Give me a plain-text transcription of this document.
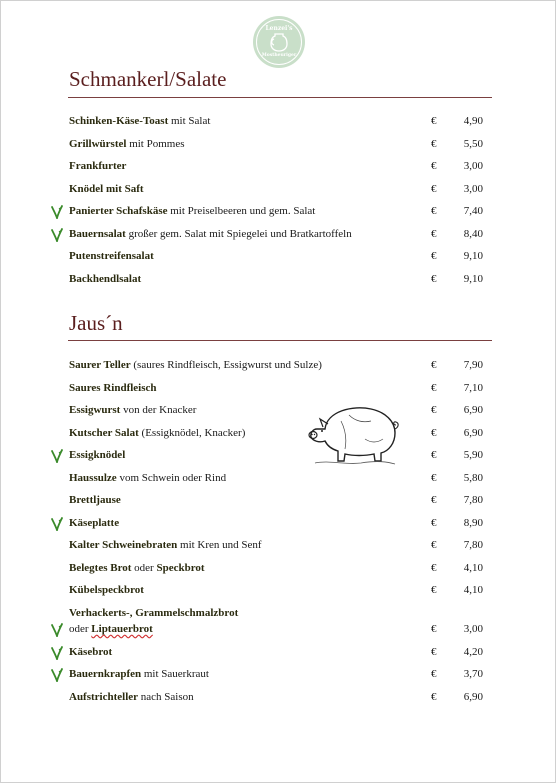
Lenzei's
Mostheuriger
Schmankerl/Salate
Schinken-Käse-Toast mit Salat	€	4,90
Grillwürstel mit Pommes	€	5,50
Frankfurter	€	3,00
Knödel mit Saft	€	3,00
Panierter Schafskäse mit Preiselbeeren und gem. Salat	€	7,40
Bauernsalat großer gem. Salat mit Spiegelei und Bratkartoffeln	€	8,40
Putenstreifensalat	€	9,10
Backhendlsalat	€	9,10
Jaus´n
Saurer Teller (saures Rindfleisch, Essigwurst und Sulze)	€	7,90
Saures Rindfleisch	€	7,10
Essigwurst von der Knacker	€	6,90
Kutscher Salat (Essigknödel, Knacker)	€	6,90
Essigknödel	€	5,90
Haussulze vom Schwein oder Rind	€	5,80
Brettljause	€	7,80
Käseplatte	€	8,90
Kalter Schweinebraten mit Kren und Senf	€	7,80
Belegtes Brot oder Speckbrot	€	4,10
Kübelspeckbrot	€	4,10
Verhackerts-, Grammelschmalzbrot
oder Liptauerbrot	€	3,00
Käsebrot	€	4,20
Bauernkrapfen mit Sauerkraut	€	3,70
Aufstrichteller nach Saison	€	6,90
